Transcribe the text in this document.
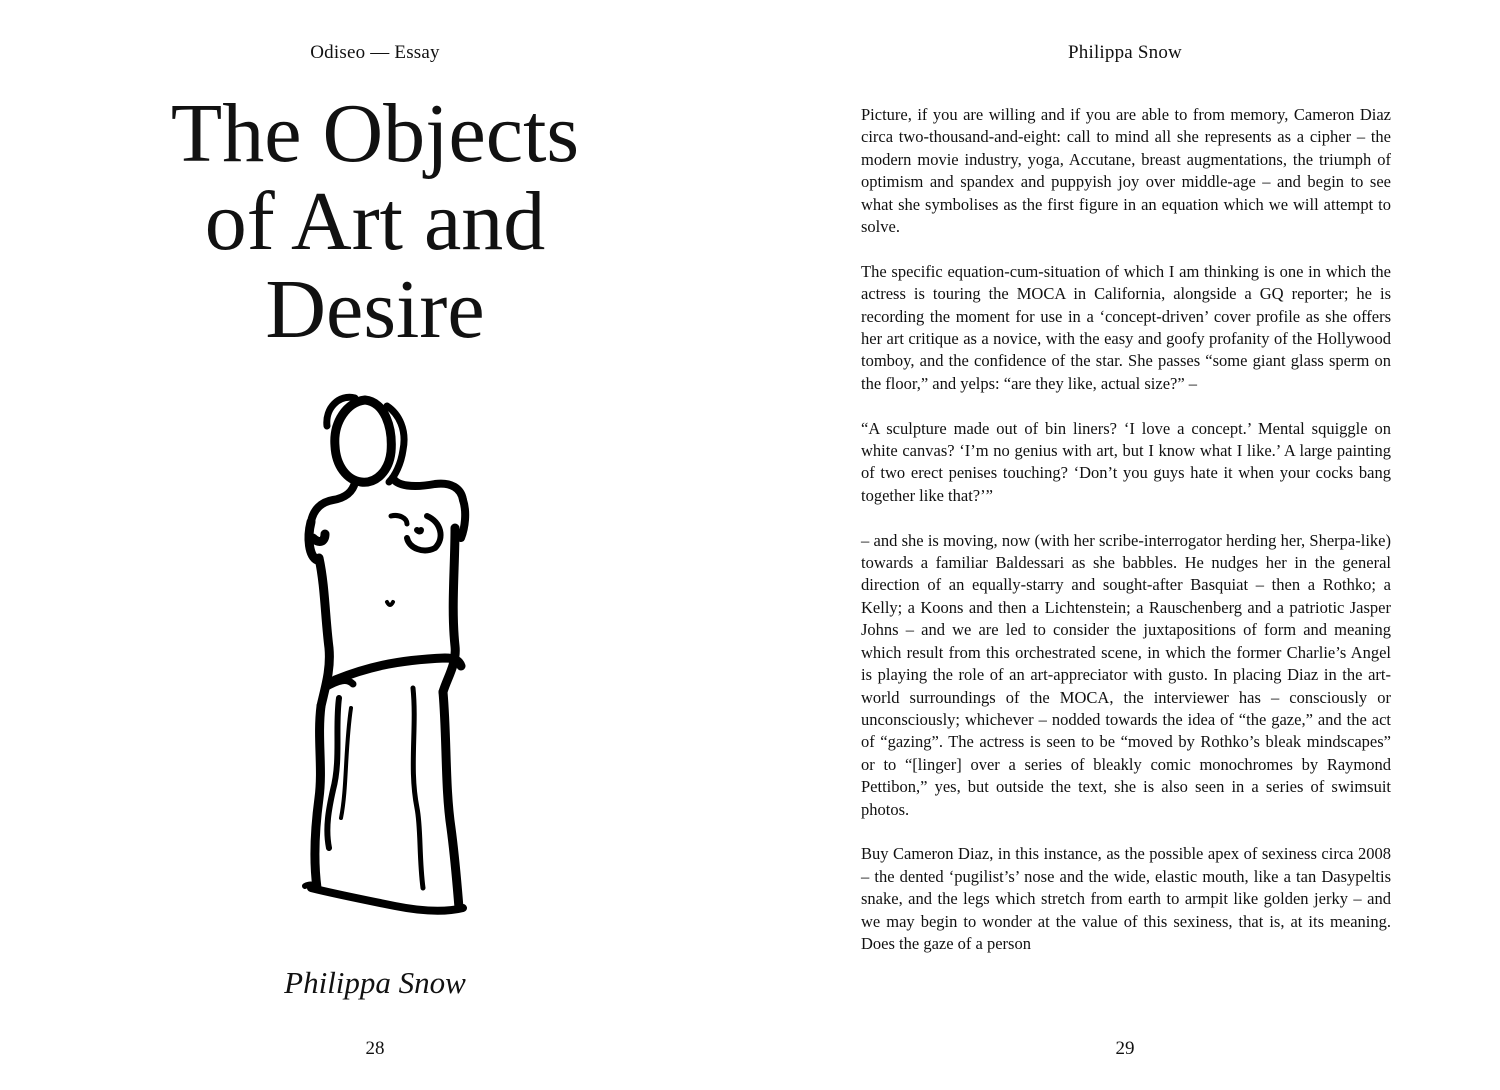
Odiseo — Essay
The Objects
of Art and
Desire
Philippa Snow
28
Philippa Snow

Picture, if you are willing and if you are able to from memory, Cameron Diaz circa two-thousand-and-eight: call to mind all she represents as a cipher – the modern movie industry, yoga, Accutane, breast augmentations, the triumph of optimism and spandex and puppyish joy over middle-age – and begin to see what she symbolises as the first figure in an equation which we will attempt to solve.

The specific equation-cum-situation of which I am thinking is one in which the actress is touring the MOCA in California, alongside a GQ reporter; he is recording the moment for use in a ‘concept-driven’ cover profile as she offers her art critique as a novice, with the easy and goofy profanity of the Hollywood tomboy, and the confidence of the star. She passes “some giant glass sperm on the floor,” and yelps: “are they like, actual size?” –

“A sculpture made out of bin liners? ‘I love a concept.’ Mental squiggle on white canvas? ‘I’m no genius with art, but I know what I like.’ A large painting of two erect penises touching? ‘Don’t you guys hate it when your cocks bang together like that?’”

– and she is moving, now (with her scribe-interrogator herding her, Sherpa-like) towards a familiar Baldessari as she babbles. He nudges her in the general direction of an equally-starry and sought-after Basquiat – then a Rothko; a Kelly; a Koons and then a Lichtenstein; a Rauschenberg and a patriotic Jasper Johns – and we are led to consider the juxtapositions of form and meaning which result from this orchestrated scene, in which the former Charlie’s Angel is playing the role of an art-appreciator with gusto. In placing Diaz in the art-world surroundings of the MOCA, the interviewer has – consciously or unconsciously; whichever – nodded towards the idea of “the gaze,” and the act of “gazing”. The actress is seen to be “moved by Rothko’s bleak mindscapes” or to “[linger] over a series of bleakly comic monochromes by Raymond Pettibon,” yes, but outside the text, she is also seen in a series of swimsuit photos.

Buy Cameron Diaz, in this instance, as the possible apex of sexiness circa 2008 – the dented ‘pugilist’s’ nose and the wide, elastic mouth, like a tan Dasypeltis snake, and the legs which stretch from earth to armpit like golden jerky – and we may begin to wonder at the value of this sexiness, that is, at its meaning. Does the gaze of a person

29
